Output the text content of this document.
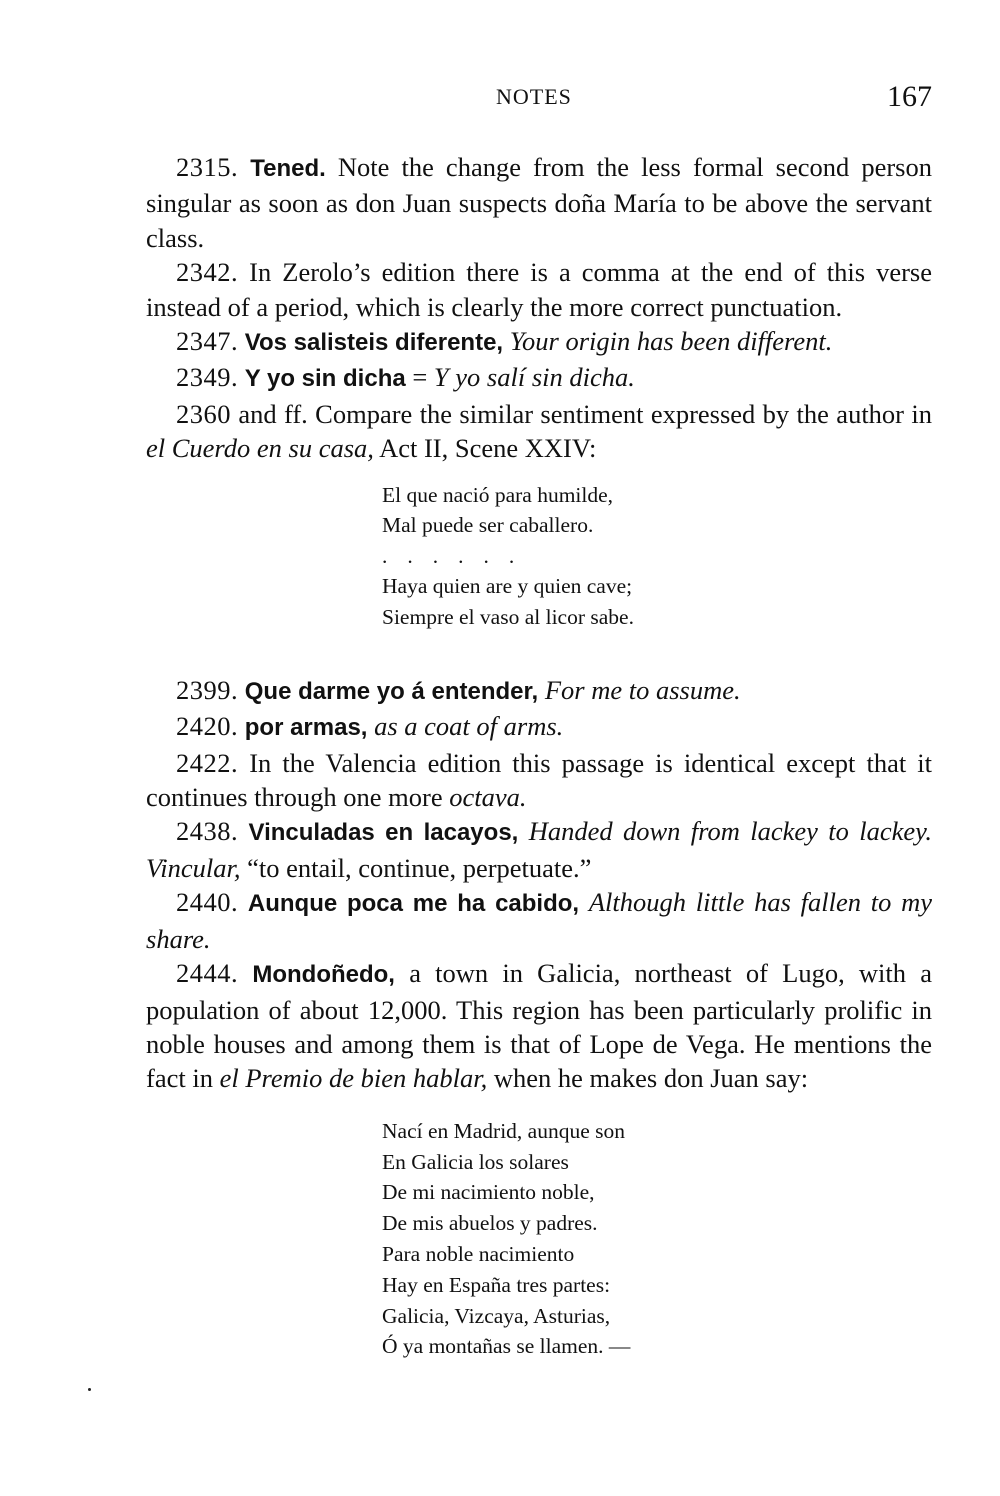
NOTES	167

2315. Tened. Note the change from the less formal second person singular as soon as don Juan suspects doña María to be above the servant class.

2342. In Zerolo’s edition there is a comma at the end of this verse instead of a period, which is clearly the more correct punctuation.

2347. Vos salisteis diferente, Your origin has been different.

2349. Y yo sin dicha = Y yo salí sin dicha.

2360 and ff. Compare the similar sentiment expressed by the author in el Cuerdo en su casa, Act II, Scene XXIV:

El que nació para humilde,
Mal puede ser caballero.
......
Haya quien are y quien cave;
Siempre el vaso al licor sabe.

2399. Que darme yo á entender, For me to assume.

2420. por armas, as a coat of arms.

2422. In the Valencia edition this passage is identical except that it continues through one more octava.

2438. Vinculadas en lacayos, Handed down from lackey to lackey. Vincular, “to entail, continue, perpetuate.”

2440. Aunque poca me ha cabido, Although little has fallen to my share.

2444. Mondoñedo, a town in Galicia, northeast of Lugo, with a population of about 12,000. This region has been particularly prolific in noble houses and among them is that of Lope de Vega. He mentions the fact in el Premio de bien hablar, when he makes don Juan say:

Nací en Madrid, aunque son
En Galicia los solares
De mi nacimiento noble,
De mis abuelos y padres.
Para noble nacimiento
Hay en España tres partes:
Galicia, Vizcaya, Asturias,
Ó ya montañas se llamen. —
